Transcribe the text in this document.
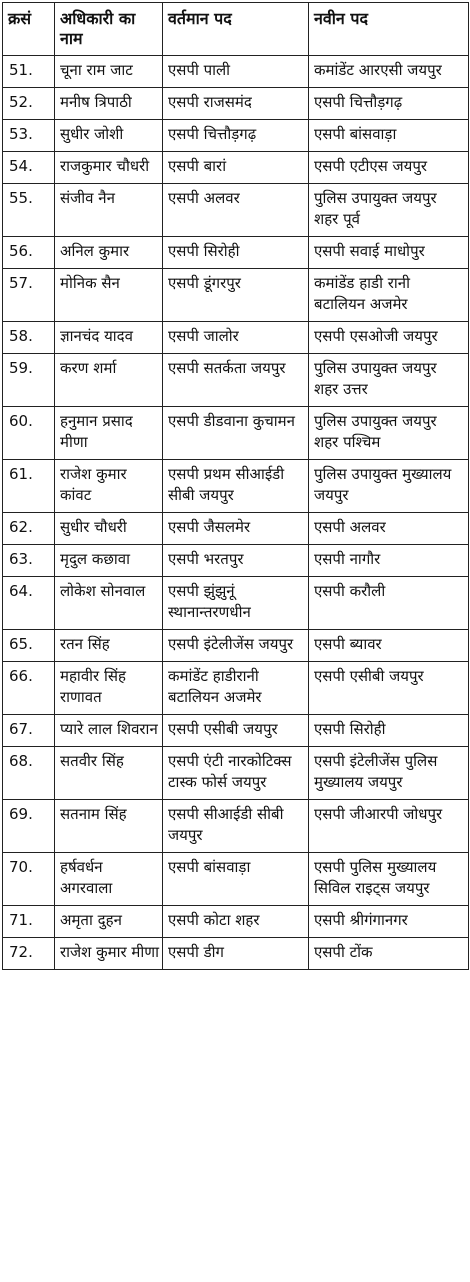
क्रसं	अधिकारी का नाम	वर्तमान पद	नवीन पद
51.	चूना राम जाट	एसपी पाली	कमांडेंट आरएसी जयपुर
52.	मनीष त्रिपाठी	एसपी राजसमंद	एसपी चित्तौड़गढ़
53.	सुधीर जोशी	एसपी चित्तौड़गढ़	एसपी बांसवाड़ा
54.	राजकुमार चौधरी	एसपी बारां	एसपी एटीएस जयपुर
55.	संजीव नैन	एसपी अलवर	पुलिस उपायुक्त जयपुर शहर पूर्व
56.	अनिल कुमार	एसपी सिरोही	एसपी सवाई माधोपुर
57.	मोनिक सैन	एसपी डूंगरपुर	कमांडेंड हाडी रानी बटालियन अजमेर
58.	ज्ञानचंद यादव	एसपी जालोर	एसपी एसओजी जयपुर
59.	करण शर्मा	एसपी सतर्कता जयपुर	पुलिस उपायुक्त जयपुर शहर उत्तर
60.	हनुमान प्रसाद मीणा	एसपी डीडवाना कुचामन	पुलिस उपायुक्त जयपुर शहर पश्चिम
61.	राजेश कुमार कांवट	एसपी प्रथम सीआईडी सीबी जयपुर	पुलिस उपायुक्त मुख्यालय जयपुर
62.	सुधीर चौधरी	एसपी जैसलमेर	एसपी अलवर
63.	मृदुल कछावा	एसपी भरतपुर	एसपी नागौर
64.	लोकेश सोनवाल	एसपी झुंझुनूं स्थानान्तरणधीन	एसपी करौली
65.	रतन सिंह	एसपी इंटेलीजेंस जयपुर	एसपी ब्यावर
66.	महावीर सिंह राणावत	कमांडेंट हाडीरानी बटालियन अजमेर	एसपी एसीबी जयपुर
67.	प्यारे लाल शिवरान	एसपी एसीबी जयपुर	एसपी सिरोही
68.	सतवीर सिंह	एसपी एंटी नारकोटिक्स टास्क फोर्स जयपुर	एसपी इंटेलीजेंस पुलिस मुख्यालय जयपुर
69.	सतनाम सिंह	एसपी सीआईडी सीबी जयपुर	एसपी जीआरपी जोधपुर
70.	हर्षवर्धन अगरवाला	एसपी बांसवाड़ा	एसपी पुलिस मुख्यालय सिविल राइट्स जयपुर
71.	अमृता दुहन	एसपी कोटा शहर	एसपी श्रीगंगानगर
72.	राजेश कुमार मीणा	एसपी डीग	एसपी टोंक
